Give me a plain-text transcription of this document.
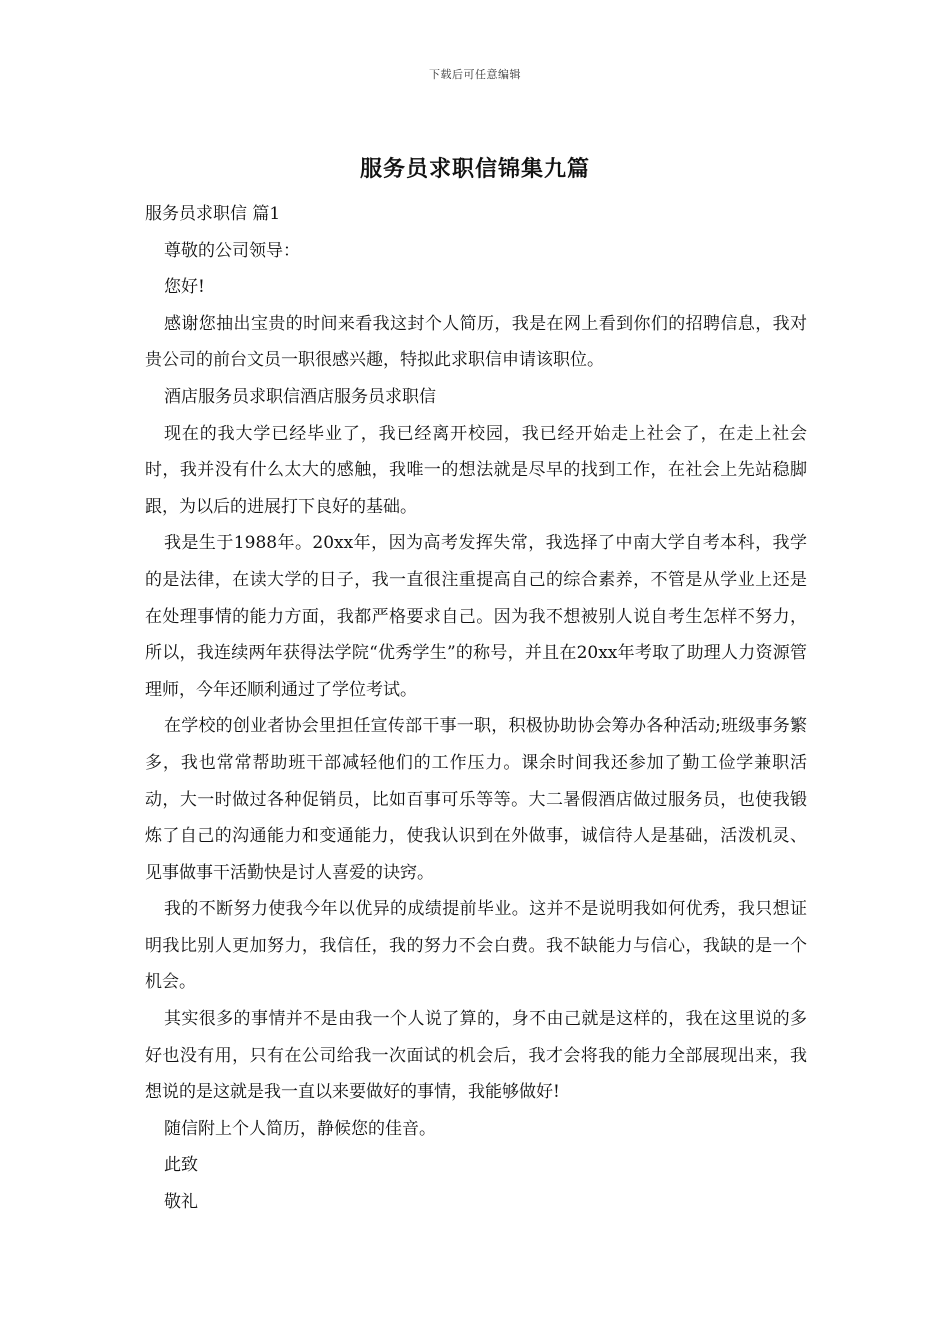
下载后可任意编辑
服务员求职信锦集九篇

服务员求职信 篇1

尊敬的公司领导：

您好!

感谢您抽出宝贵的时间来看我这封个人简历，我是在网上看到你们的招聘信息，我对贵公司的前台文员一职很感兴趣，特拟此求职信申请该职位。

酒店服务员求职信酒店服务员求职信

现在的我大学已经毕业了，我已经离开校园，我已经开始走上社会了，在走上社会时，我并没有什么太大的感触，我唯一的想法就是尽早的找到工作，在社会上先站稳脚跟，为以后的进展打下良好的基础。

我是生于1988年。20xx年，因为高考发挥失常，我选择了中南大学自考本科，我学的是法律，在读大学的日子，我一直很注重提高自己的综合素养，不管是从学业上还是在处理事情的能力方面，我都严格要求自己。因为我不想被别人说自考生怎样不努力，所以，我连续两年获得法学院“优秀学生”的称号，并且在20xx年考取了助理人力资源管理师，今年还顺利通过了学位考试。

在学校的创业者协会里担任宣传部干事一职，积极协助协会筹办各种活动;班级事务繁多，我也常常帮助班干部减轻他们的工作压力。课余时间我还参加了勤工俭学兼职活动，大一时做过各种促销员，比如百事可乐等等。大二暑假酒店做过服务员，也使我锻炼了自己的沟通能力和变通能力，使我认识到在外做事，诚信待人是基础，活泼机灵、见事做事干活勤快是讨人喜爱的诀窍。

我的不断努力使我今年以优异的成绩提前毕业。这并不是说明我如何优秀，我只想证明我比别人更加努力，我信任，我的努力不会白费。我不缺能力与信心，我缺的是一个机会。

其实很多的事情并不是由我一个人说了算的，身不由己就是这样的，我在这里说的多好也没有用，只有在公司给我一次面试的机会后，我才会将我的能力全部展现出来，我想说的是这就是我一直以来要做好的事情，我能够做好!

随信附上个人简历，静候您的佳音。

此致

敬礼
